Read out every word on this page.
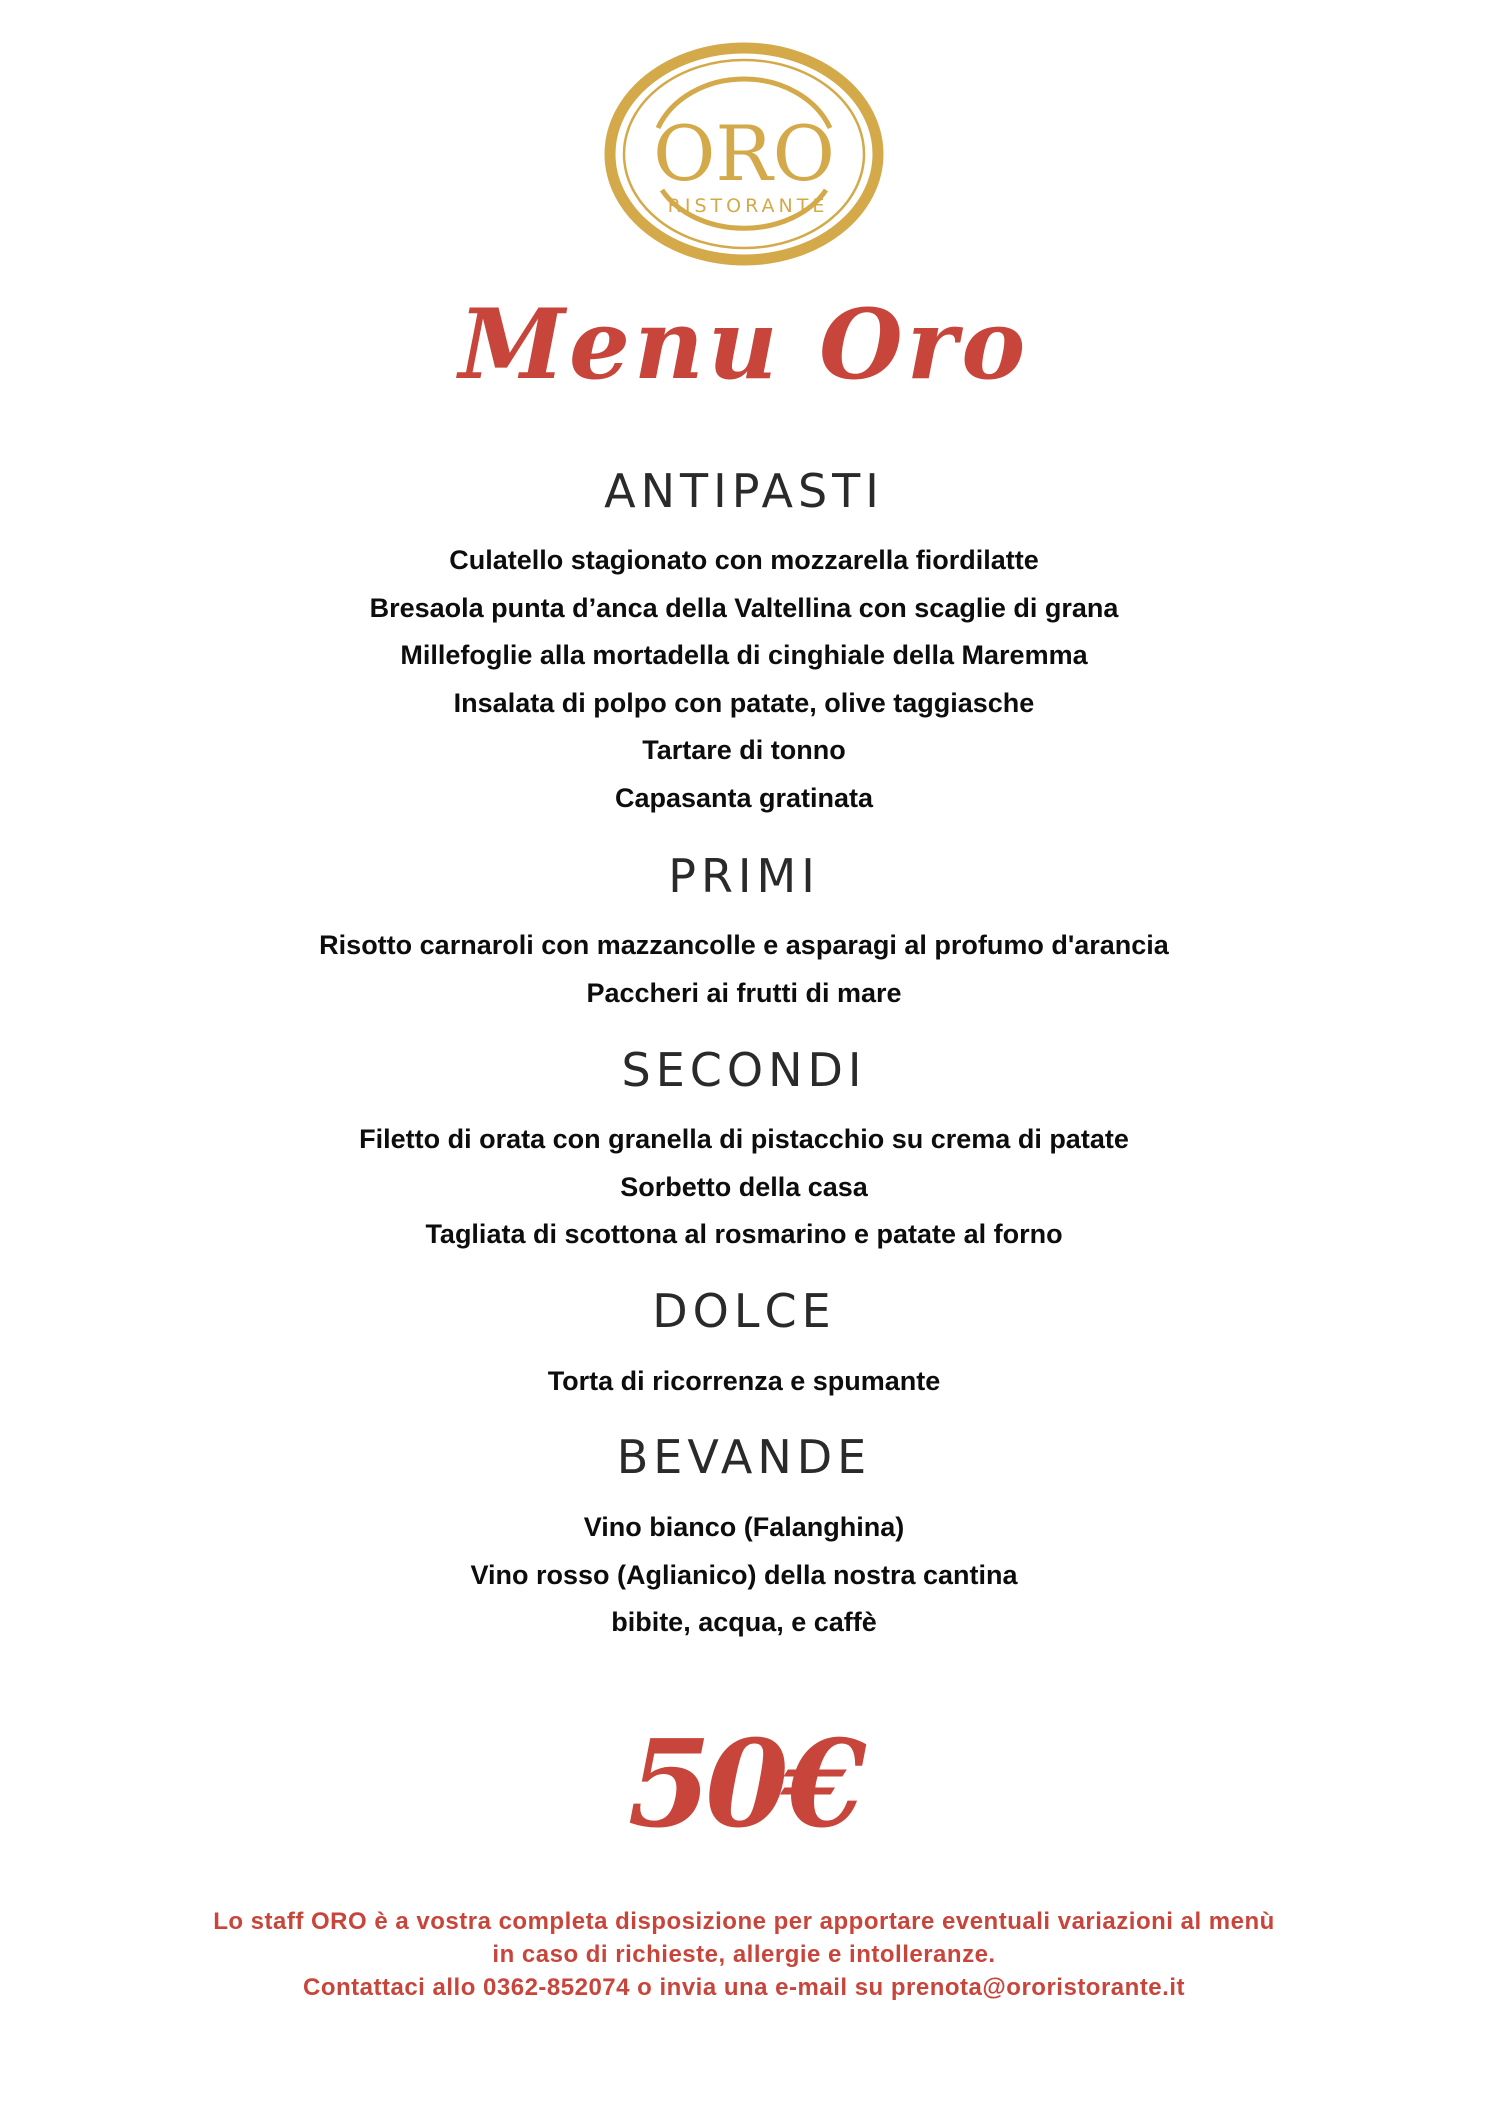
ORO
RISTORANTE
Menu Oro
ANTIPASTI
Culatello stagionato con mozzarella fiordilatte
Bresaola punta d’anca della Valtellina con scaglie di grana
Millefoglie alla mortadella di cinghiale della Maremma
Insalata di polpo con patate, olive taggiasche
Tartare di tonno
Capasanta gratinata
PRIMI
Risotto carnaroli con mazzancolle e asparagi al profumo d'arancia
Paccheri ai frutti di mare
SECONDI
Filetto di orata con granella di pistacchio su crema di patate
Sorbetto della casa
Tagliata di scottona al rosmarino e patate al forno
DOLCE
Torta di ricorrenza e spumante
BEVANDE
Vino bianco (Falanghina)
Vino rosso (Aglianico) della nostra cantina
bibite, acqua, e caffè
50€
Lo staff ORO è a vostra completa disposizione per apportare eventuali variazioni al menù
in caso di richieste, allergie e intolleranze.
Contattaci allo 0362-852074 o invia una e-mail su prenota@ororistorante.it
